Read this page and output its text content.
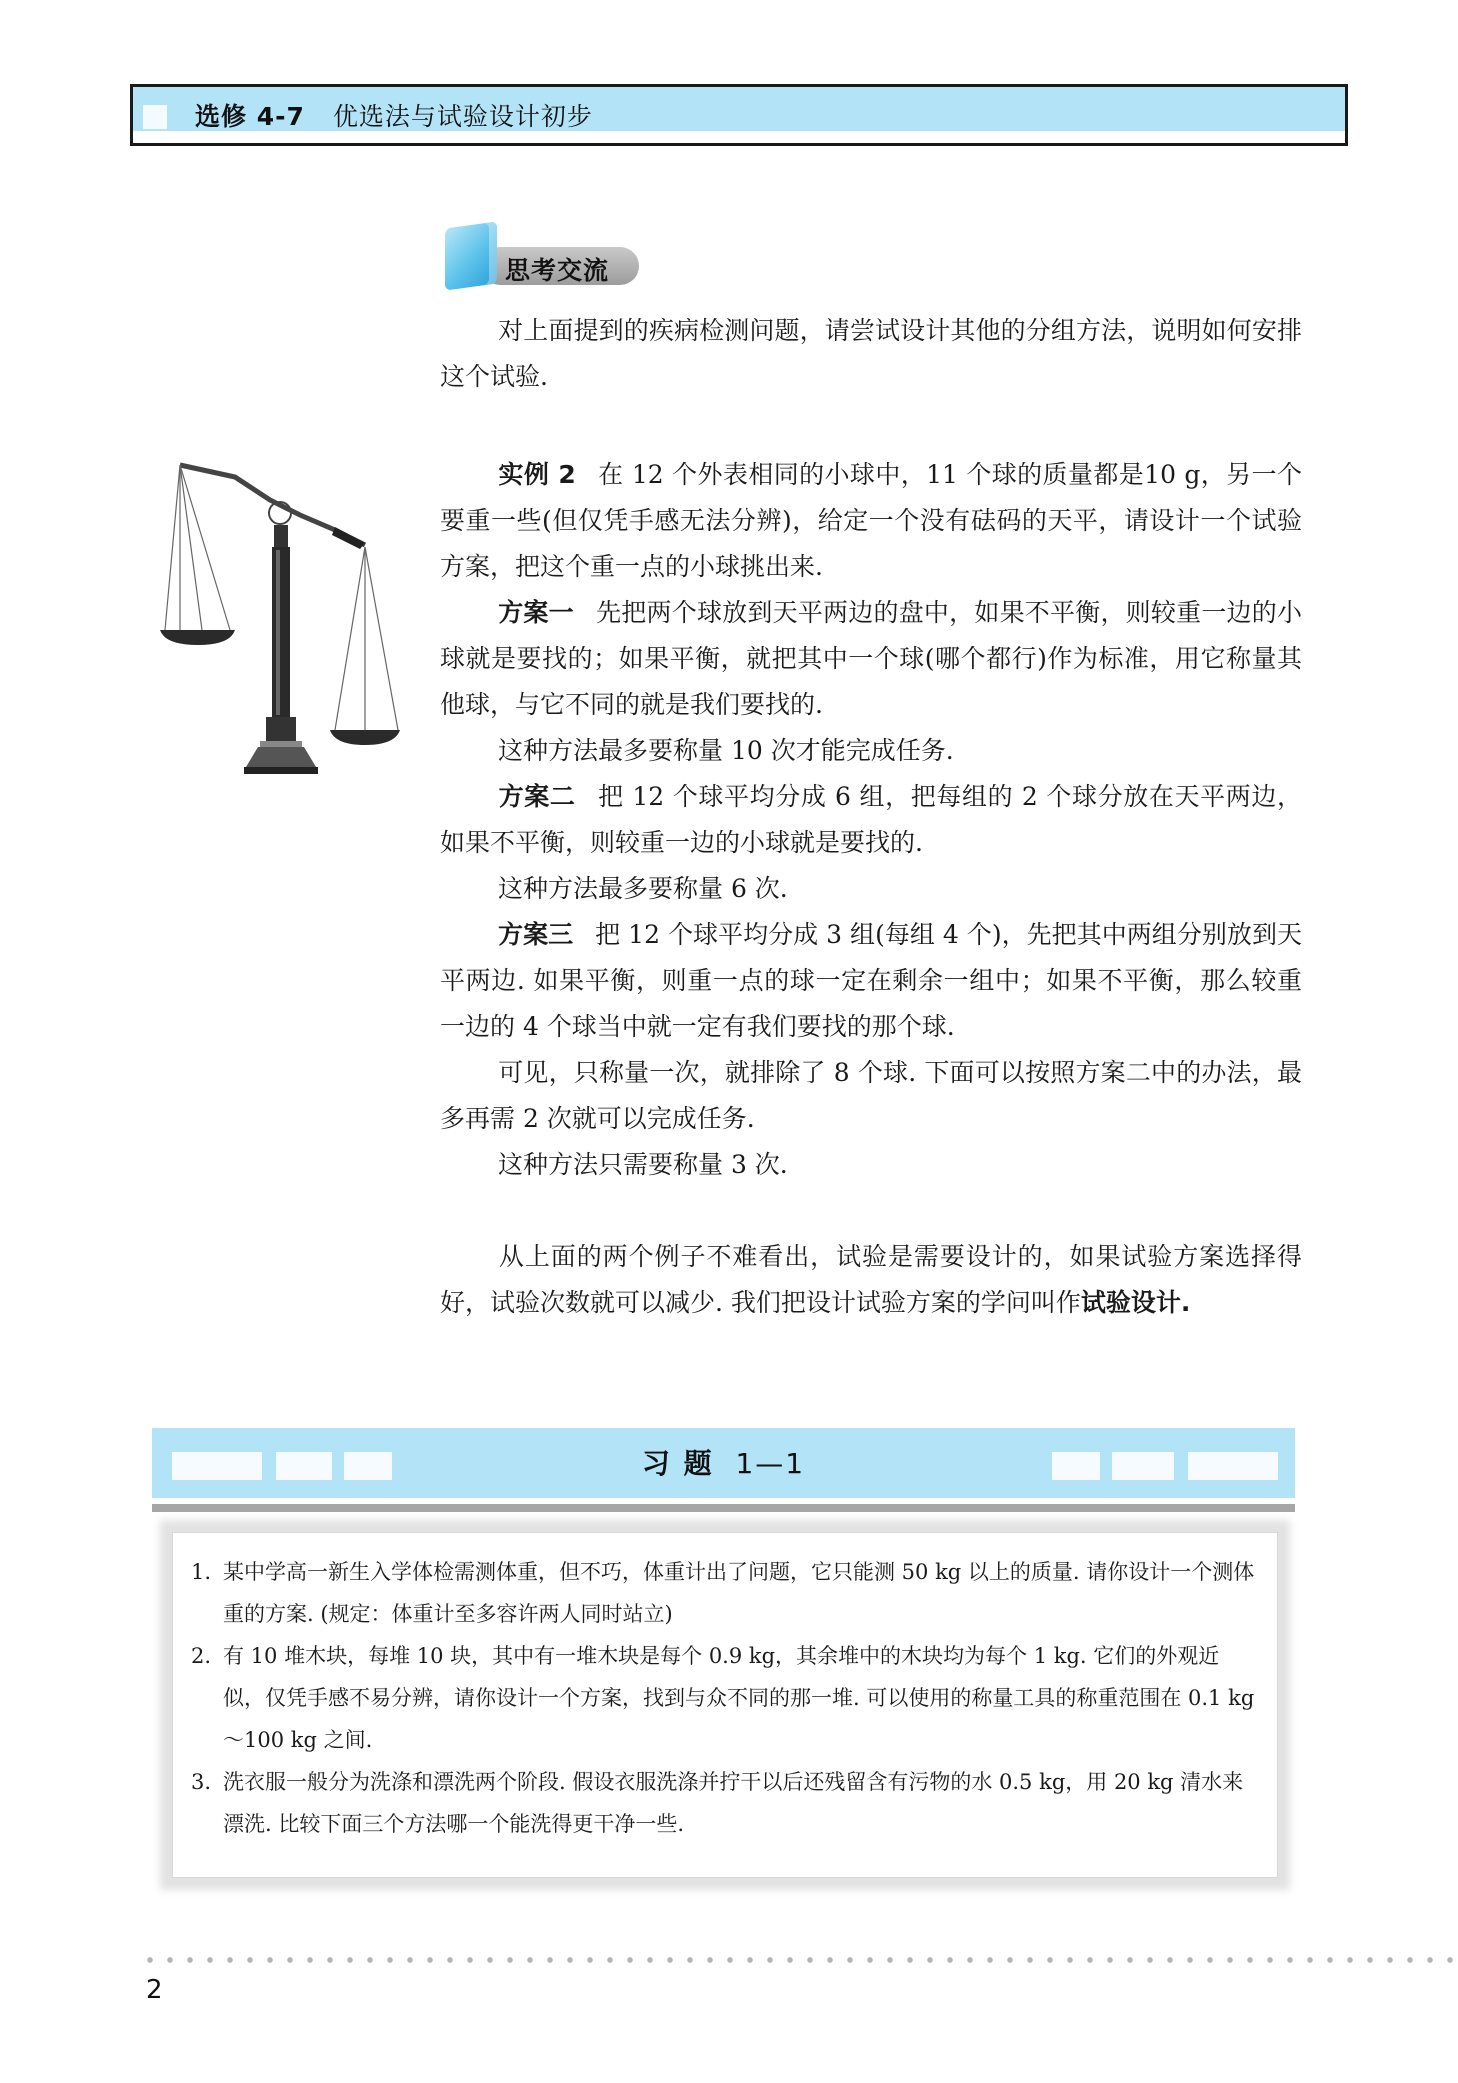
选修 4-7 优选法与试验设计初步
思考交流
对上面提到的疾病检测问题，请尝试设计其他的分组方法，说明如何安排这个试验.
实例 2 在 12 个外表相同的小球中，11 个球的质量都是10 g，另一个要重一些(但仅凭手感无法分辨)，给定一个没有砝码的天平，请设计一个试验方案，把这个重一点的小球挑出来.
方案一 先把两个球放到天平两边的盘中，如果不平衡，则较重一边的小球就是要找的；如果平衡，就把其中一个球(哪个都行)作为标准，用它称量其他球，与它不同的就是我们要找的.
这种方法最多要称量 10 次才能完成任务.
方案二 把 12 个球平均分成 6 组，把每组的 2 个球分放在天平两边，如果不平衡，则较重一边的小球就是要找的.
这种方法最多要称量 6 次.
方案三 把 12 个球平均分成 3 组(每组 4 个)，先把其中两组分别放到天平两边. 如果平衡，则重一点的球一定在剩余一组中；如果不平衡，那么较重一边的 4 个球当中就一定有我们要找的那个球.
可见，只称量一次，就排除了 8 个球. 下面可以按照方案二中的办法，最多再需 2 次就可以完成任务.
这种方法只需要称量 3 次.
从上面的两个例子不难看出，试验是需要设计的，如果试验方案选择得好，试验次数就可以减少. 我们把设计试验方案的学问叫作试验设计.
习 题 1—1
1. 某中学高一新生入学体检需测体重，但不巧，体重计出了问题，它只能测 50 kg 以上的质量. 请你设计一个测体重的方案. (规定：体重计至多容许两人同时站立)
2. 有 10 堆木块，每堆 10 块，其中有一堆木块是每个 0.9 kg，其余堆中的木块均为每个 1 kg. 它们的外观近似，仅凭手感不易分辨，请你设计一个方案，找到与众不同的那一堆. 可以使用的称量工具的称重范围在 0.1 kg～100 kg 之间.
3. 洗衣服一般分为洗涤和漂洗两个阶段. 假设衣服洗涤并拧干以后还残留含有污物的水 0.5 kg，用 20 kg 清水来漂洗. 比较下面三个方法哪一个能洗得更干净一些.
2
